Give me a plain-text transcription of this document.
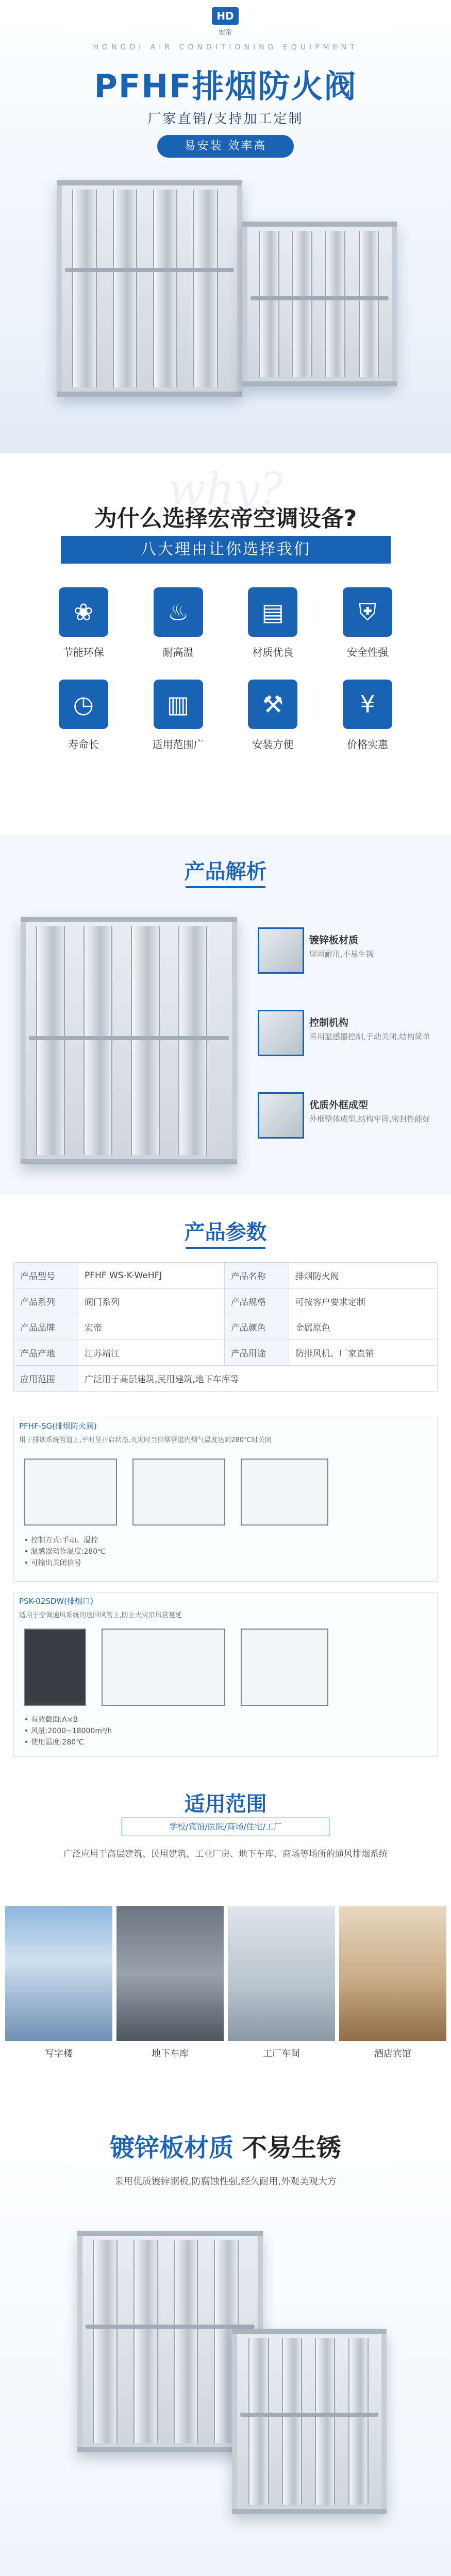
HD
宏帝
HONGDI AIR CONDITIONING EQUIPMENT
PFHF排烟防火阀
厂家直销/支持加工定制
易安装 效率高
why?
为什么选择宏帝空调设备?
八大理由让你选择我们
❀
节能环保
♨
耐高温
▤
材质优良
⛨
安全性强
◷
寿命长
▥
适用范围广
⚒
安装方便
¥
价格实惠
产品解析
镀锌板材质
坚固耐用,不易生锈
控制机构
采用温感器控制,手动关闭,结构简单
优质外框成型
外框整体成型,结构牢固,密封性能好
产品参数
产品型号	PFHF WS-K-WeHFJ	产品名称	排烟防火阀
产品系列	阀门系列	产品规格	可按客户要求定制
产品品牌	宏帝	产品颜色	金属原色
产品产地	江苏靖江	产品用途	防排风机、厂家直销
应用范围	广泛用于高层建筑,民用建筑,地下车库等		
PFHF-SG(排烟防火阀)
用于排烟系统管道上,平时呈开启状态,火灾时当排烟管道内烟气温度达到280℃时关闭
• 控制方式:手动、温控
• 温感器动作温度:280℃
• 可输出关闭信号
PSK-02SDW(排烟口)
适用于空调通风系统的送回风管上,防止火灾沿风管蔓延
• 有效截面:A×B
• 风量:2000~18000m³/h
• 使用温度:280℃
适用范围
学校/宾馆/医院/商场/住宅/工厂
广泛应用于高层建筑、民用建筑、工业厂房、地下车库、商场等场所的通风排烟系统
写字楼	地下车库	工厂车间	酒店宾馆
镀锌板材质 不易生锈
采用优质镀锌钢板,防腐蚀性强,经久耐用,外观美观大方
